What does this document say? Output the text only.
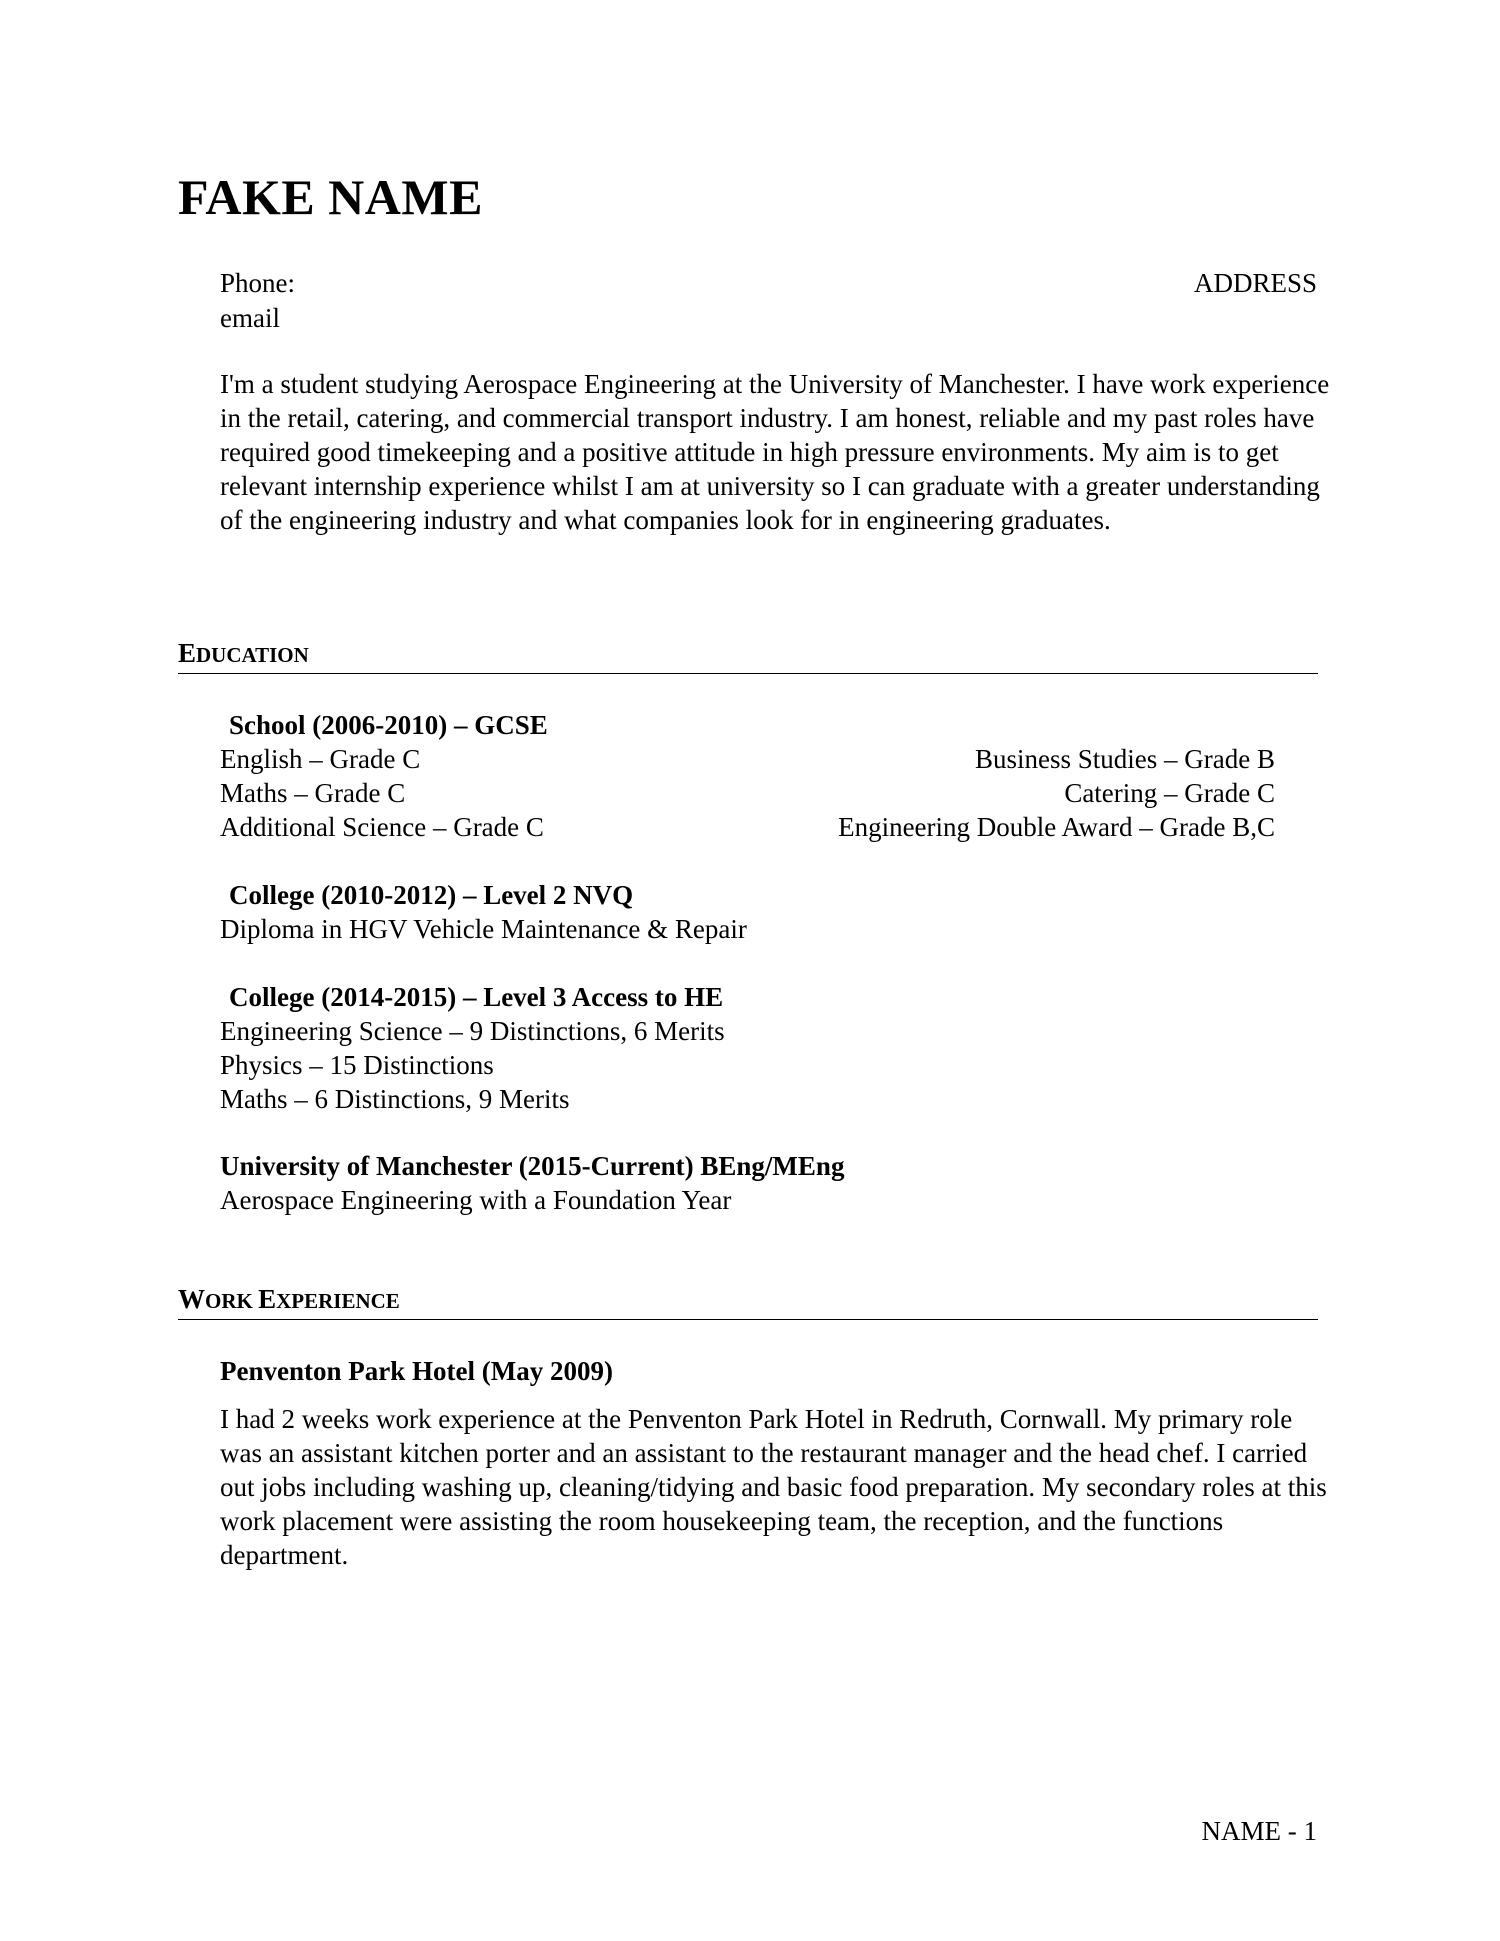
FAKE NAME
Phone:
email
ADDRESS
I'm a student studying Aerospace Engineering at the University of Manchester. I have work experience in the retail, catering, and commercial transport industry. I am honest, reliable and my past roles have required good timekeeping and a positive attitude in high pressure environments. My aim is to get relevant internship experience whilst I am at university so I can graduate with a greater understanding of the engineering industry and what companies look for in engineering graduates.
EDUCATION
School (2006-2010) – GCSE
English – Grade C	Business Studies – Grade B
Maths – Grade C	Catering – Grade C
Additional Science – Grade C	Engineering Double Award – Grade B,C
College (2010-2012) – Level 2 NVQ
Diploma in HGV Vehicle Maintenance & Repair
College (2014-2015) – Level 3 Access to HE
Engineering Science – 9 Distinctions, 6 Merits
Physics – 15 Distinctions
Maths – 6 Distinctions, 9 Merits
University of Manchester (2015-Current) BEng/MEng
Aerospace Engineering with a Foundation Year
WORK EXPERIENCE
Penventon Park Hotel (May 2009)
I had 2 weeks work experience at the Penventon Park Hotel in Redruth, Cornwall. My primary role was an assistant kitchen porter and an assistant to the restaurant manager and the head chef. I carried out jobs including washing up, cleaning/tidying and basic food preparation. My secondary roles at this work placement were assisting the room housekeeping team, the reception, and the functions department.
NAME - 1
